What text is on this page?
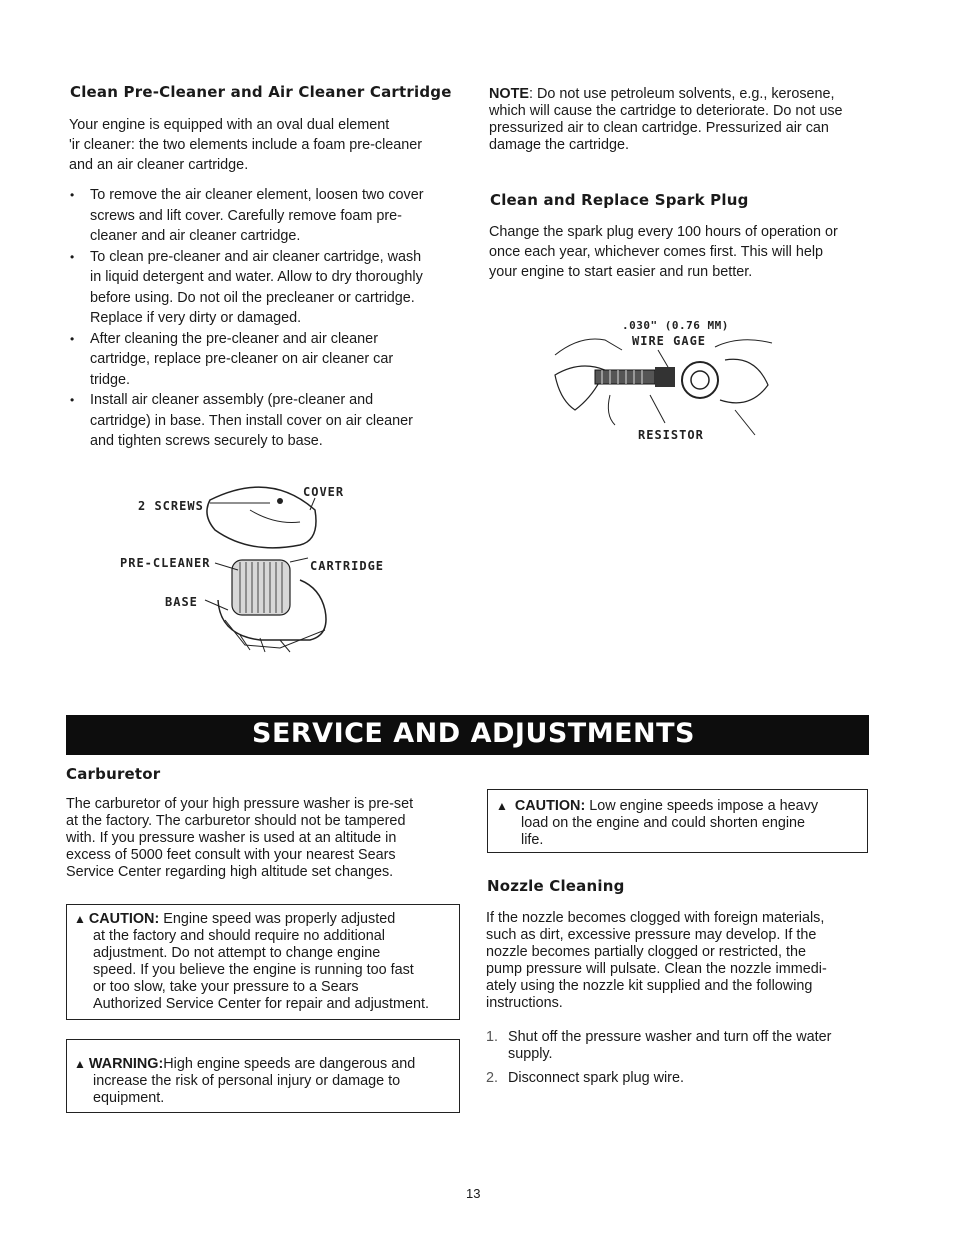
Clean Pre-Cleaner and Air Cleaner Cartridge

Your engine is equipped with an oval dual element
'ir cleaner: the two elements include a foam pre-cleaner
and an air cleaner cartridge.

• To remove the air cleaner element, loosen two cover
screws and lift cover. Carefully remove foam pre-
cleaner and air cleaner cartridge.
• To clean pre-cleaner and air cleaner cartridge, wash
in liquid detergent and water. Allow to dry thoroughly
before using. Do not oil the precleaner or cartridge.
Replace if very dirty or damaged.
• After cleaning the pre-cleaner and air cleaner
cartridge, replace pre-cleaner on air cleaner car
tridge.
• Install air cleaner assembly (pre-cleaner and
cartridge) in base. Then install cover on air cleaner
and tighten screws securely to base.
2 SCREWS
COVER
PRE-CLEANER	CARTRIDGE
BASE

NOTE: Do not use petroleum solvents, e.g., kerosene,
which will cause the cartridge to deteriorate. Do not use
pressurized air to clean cartridge. Pressurized air can
damage the cartridge.

Clean and Replace Spark Plug

Change the spark plug every 100 hours of operation or
once each year, whichever comes first. This will help
your engine to start easier and run better.

.030" (0.76 MM)
WIRE GAGE
RESISTOR
SERVICE AND ADJUSTMENTS
Carburetor

The carburetor of your high pressure washer is pre-set
at the factory. The carburetor should not be tampered
with. If you pressure washer is used at an altitude in
excess of 5000 feet consult with your nearest Sears
Service Center regarding high altitude set changes.

▲ CAUTION: Engine speed was properly adjusted
at the factory and should require no additional
adjustment. Do not attempt to change engine
speed. If you believe the engine is running too fast
or too slow, take your pressure to a Sears
Authorized Service Center for repair and adjustment.
▲ WARNING:High engine speeds are dangerous and
increase the risk of personal injury or damage to
equipment.
▲ CAUTION: Low engine speeds impose a heavy
load on the engine and could shorten engine
life.
Nozzle Cleaning

If the nozzle becomes clogged with foreign materials,
such as dirt, excessive pressure may develop. If the
nozzle becomes partially clogged or restricted, the
pump pressure will pulsate. Clean the nozzle immedi-
ately using the nozzle kit supplied and the following
instructions.

1. Shut off the pressure washer and turn off the water
supply.
2. Disconnect spark plug wire.
13
